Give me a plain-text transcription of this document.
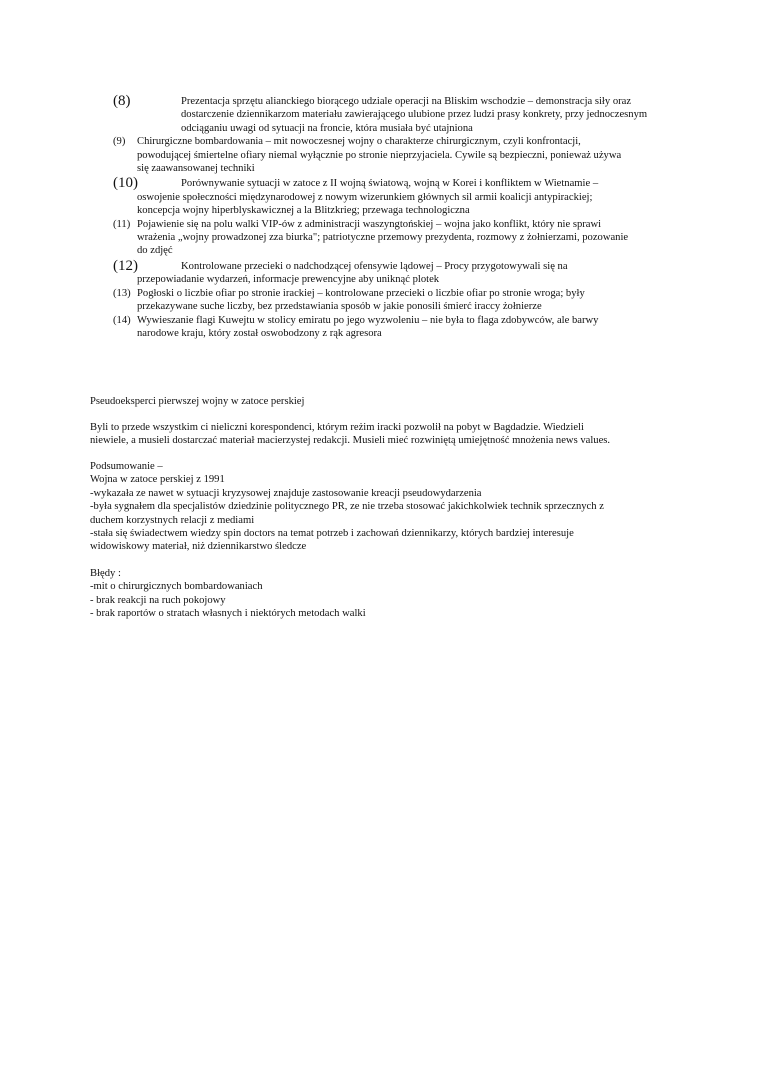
(8)	Prezentacja sprzętu alianckiego biorącego udziale operacji na Bliskim wschodzie – demonstracja siły oraz
dostarczenie dziennikarzom materiału zawierającego ulubione przez ludzi prasy konkrety, przy jednoczesnym
odciąganiu uwagi od sytuacji na froncie, która musiała być utajniona
(9) Chirurgiczne bombardowania – mit nowoczesnej wojny o charakterze chirurgicznym, czyli konfrontacji,
powodującej śmiertelne ofiary niemal wyłącznie po stronie nieprzyjaciela. Cywile są bezpieczni, ponieważ używa
się zaawansowanej techniki
(10)	Porównywanie sytuacji w zatoce z II wojną światową, wojną w Korei i konfliktem w Wietnamie –
oswojenie społeczności międzynarodowej z nowym wizerunkiem głównych sil armii koalicji antypirackiej;
koncepcja wojny hiperblyskawicznej a la Blitzkrieg; przewaga technologiczna
(11) Pojawienie się na polu walki VIP-ów z administracji waszyngtońskiej – wojna jako konflikt, który nie sprawi
wrażenia „wojny prowadzonej zza biurka"; patriotyczne przemowy prezydenta, rozmowy z żołnierzami, pozowanie
do zdjęć
(12)	Kontrolowane przecieki o nadchodzącej ofensywie lądowej – Procy przygotowywali się na
przepowiadanie wydarzeń, informacje prewencyjne aby uniknąć plotek
(13) Pogłoski o liczbie ofiar po stronie irackiej – kontrolowane przecieki o liczbie ofiar po stronie wroga; były
przekazywane suche liczby, bez przedstawiania sposób w jakie ponosili śmierć iraccy żołnierze
(14) Wywieszanie flagi Kuwejtu w stolicy emiratu po jego wyzwoleniu – nie była to flaga zdobywców, ale barwy
narodowe kraju, który został oswobodzony z rąk agresora

Pseudoeksperci pierwszej wojny w zatoce perskiej

Byli to przede wszystkim ci nieliczni korespondenci, którym reżim iracki pozwolił na pobyt w Bagdadzie. Wiedzieli

niewiele, a musieli dostarczać materiał macierzystej redakcji. Musieli mieć rozwiniętą umiejętność mnożenia news values.

Podsumowanie –

Wojna w zatoce perskiej z 1991

-wykazała ze nawet w sytuacji kryzysowej znajduje zastosowanie kreacji pseudowydarzenia

-była sygnałem dla specjalistów dziedzinie politycznego PR, ze nie trzeba stosować jakichkolwiek technik sprzecznych z

duchem korzystnych relacji z mediami

-stała się świadectwem wiedzy spin doctors na temat potrzeb i zachowań dziennikarzy, których bardziej interesuje

widowiskowy materiał, niż dziennikarstwo śledcze

Błędy :

-mit o chirurgicznych bombardowaniach

- brak reakcji na ruch pokojowy

- brak raportów o stratach własnych i niektórych metodach walki
